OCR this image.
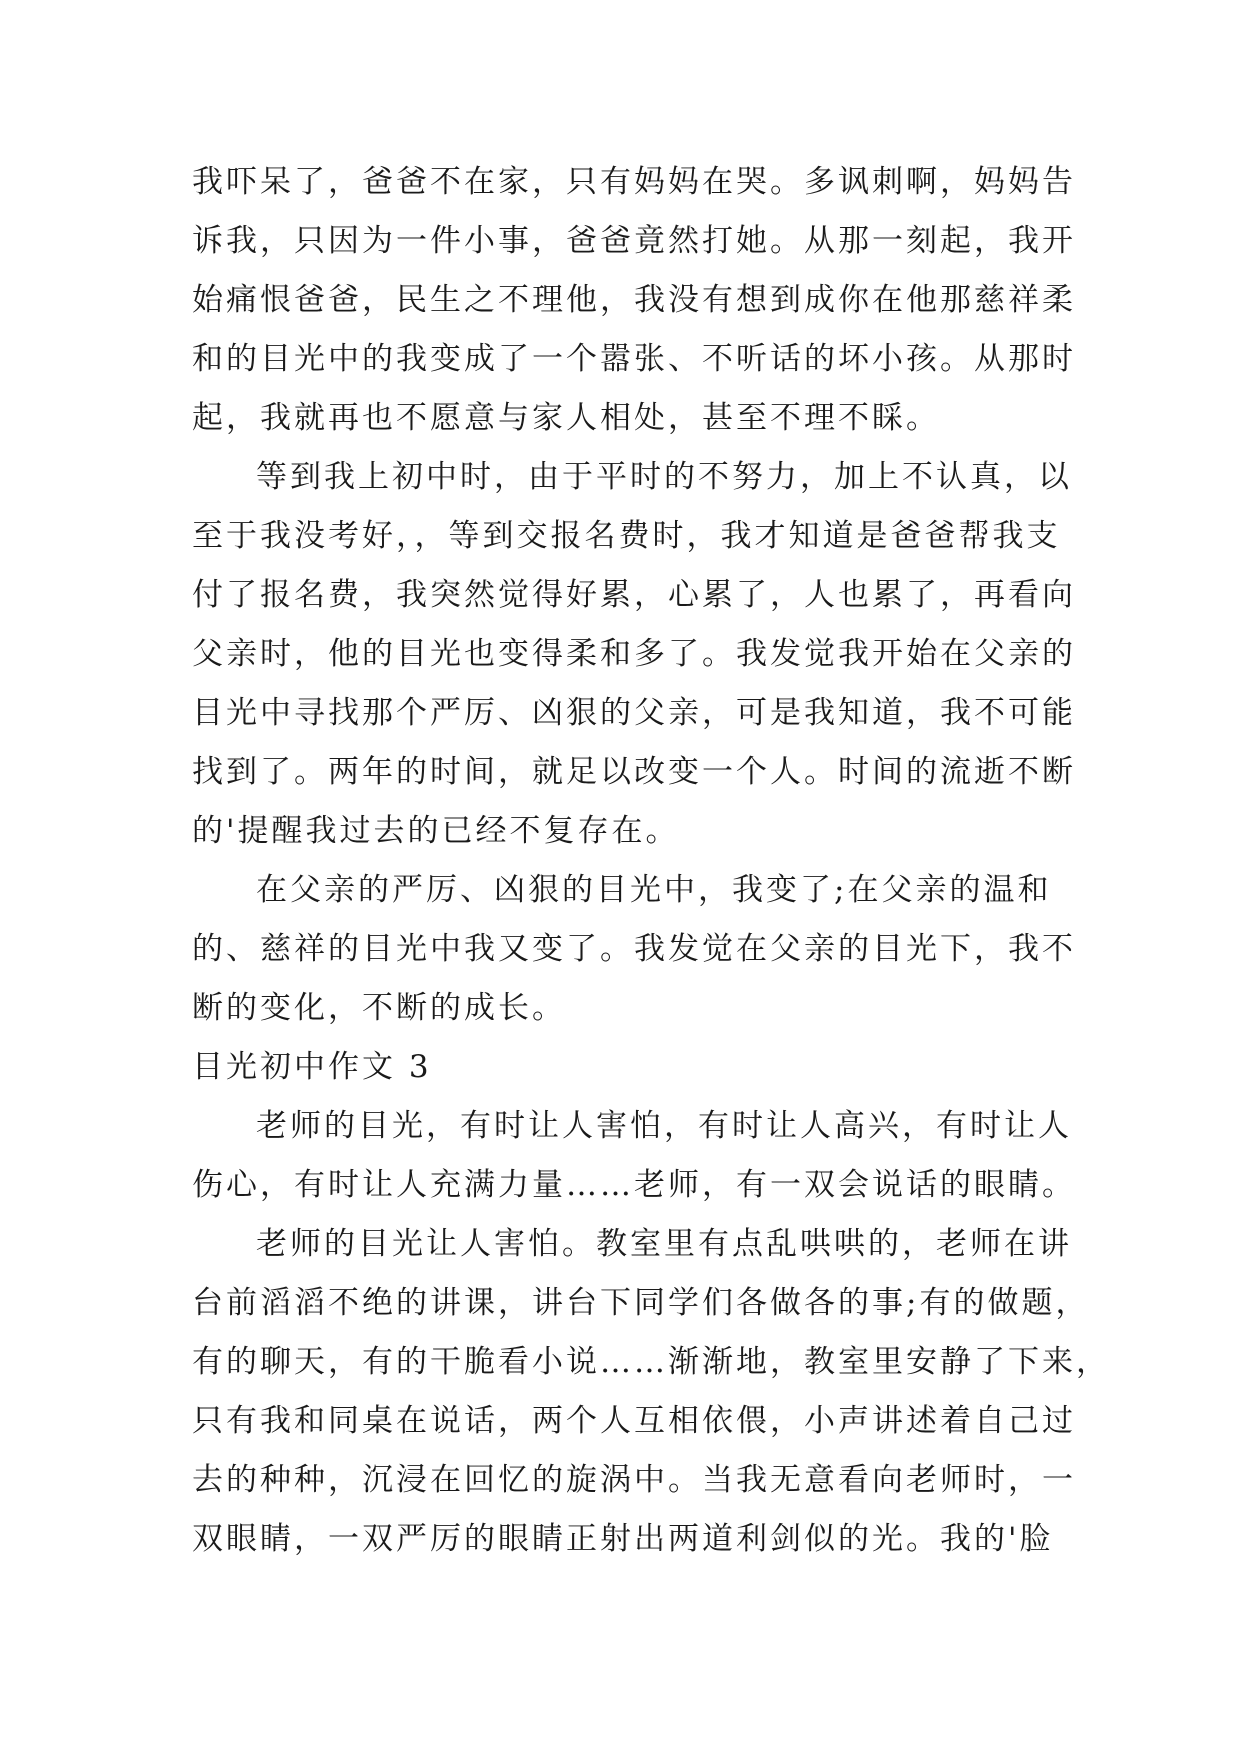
我吓呆了，爸爸不在家，只有妈妈在哭。多讽刺啊，妈妈告
诉我，只因为一件小事，爸爸竟然打她。从那一刻起，我开
始痛恨爸爸，民生之不理他，我没有想到成你在他那慈祥柔
和的目光中的我变成了一个嚣张、不听话的坏小孩。从那时
起，我就再也不愿意与家人相处，甚至不理不睬。
等到我上初中时，由于平时的不努力，加上不认真，以
至于我没考好，，等到交报名费时，我才知道是爸爸帮我支
付了报名费，我突然觉得好累，心累了，人也累了，再看向
父亲时，他的目光也变得柔和多了。我发觉我开始在父亲的
目光中寻找那个严厉、凶狠的父亲，可是我知道，我不可能
找到了。两年的时间，就足以改变一个人。时间的流逝不断
的'提醒我过去的已经不复存在。
在父亲的严厉、凶狠的目光中，我变了;在父亲的温和
的、慈祥的目光中我又变了。我发觉在父亲的目光下，我不
断的变化，不断的成长。
目光初中作文 3
老师的目光，有时让人害怕，有时让人高兴，有时让人
伤心，有时让人充满力量……老师，有一双会说话的眼睛。
老师的目光让人害怕。教室里有点乱哄哄的，老师在讲
台前滔滔不绝的讲课，讲台下同学们各做各的事;有的做题，
有的聊天，有的干脆看小说……渐渐地，教室里安静了下来，
只有我和同桌在说话，两个人互相依偎，小声讲述着自己过
去的种种，沉浸在回忆的旋涡中。当我无意看向老师时，一
双眼睛，一双严厉的眼睛正射出两道利剑似的光。我的'脸
